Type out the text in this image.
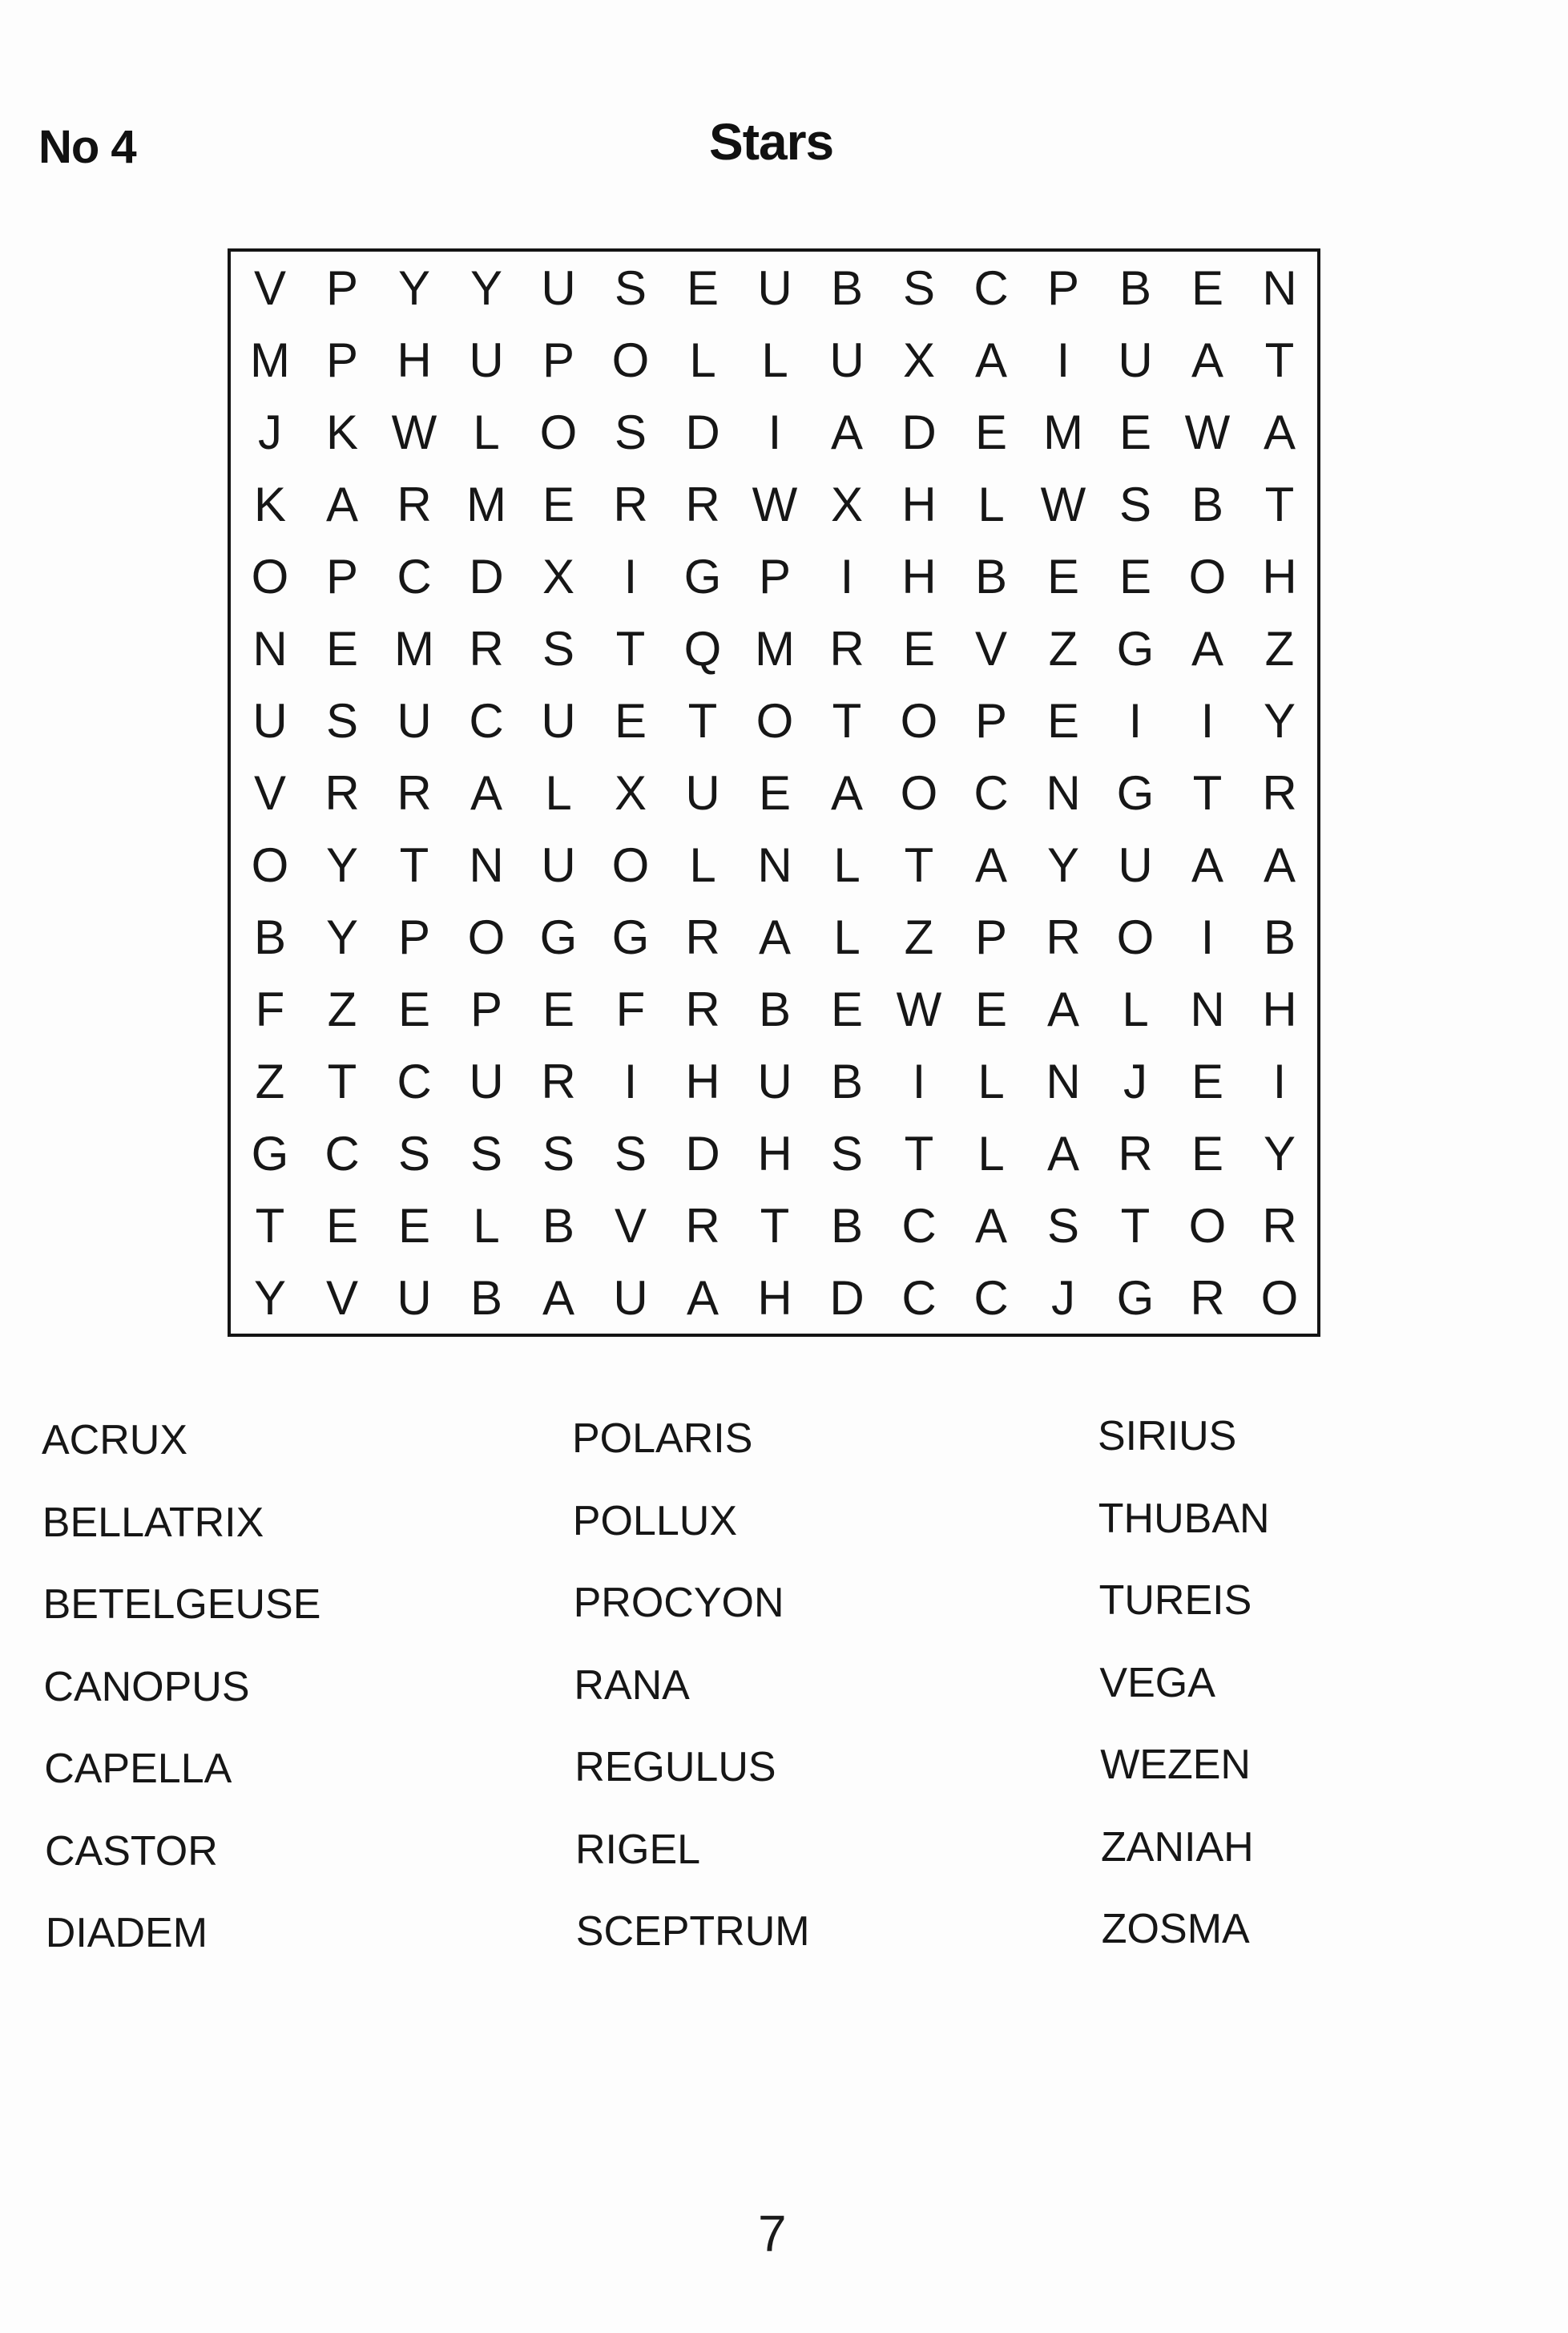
No 4	Stars
V P Y Y U S E U B S C P B E N
M P H U P O L L U X A	I	U A T
J K W L O S D I	A D E M E W A
K A R M E R R W X H L W S B T
O P C D X	I G P	I	H B E E O H
N E M R S T Q M R E V Z G A Z
U S U C U E T O T O P E	I	I	Y
V R R A L X U E A O C N G T R
O Y T N U O L N L T A Y U A A
B Y P O G G R A L Z P R O I	B
F Z E P E F R B E W E A L N H
Z T C U R I	H U B	I	L N J E	I
G C S S S S D H S T L A R E Y
T E E L B V R T B C A S T O R
Y V U B A U A H D C C J G R O
ACRUX
BELLATRIX
BETELGEUSE
CANOPUS
CAPELLA
CASTOR
DIADEM
POLARIS
POLLUX
PROCYON
RANA
REGULUS
RIGEL
SCEPTRUM
SIRIUS
THUBAN
TUREIS
VEGA
WEZEN
ZANIAH
ZOSMA
7
